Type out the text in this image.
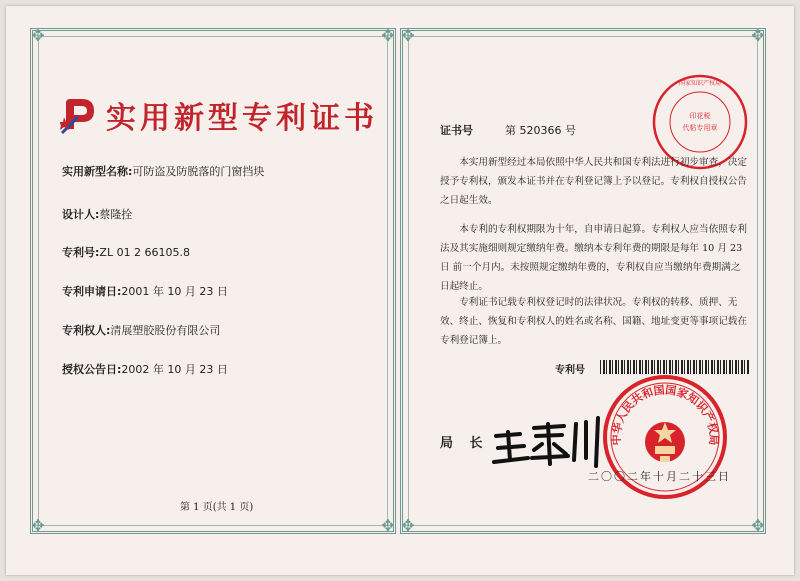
✥	✥
✥	✥
✥	✥
✥	✥
实用新型专利证书
实用新型名称:可防盗及防脱落的门窗挡块
设计人:蔡隆拴
专利号:ZL 01 2 66105.8
专利申请日:2001 年 10 月 23 日
专利权人:清展塑胶股份有限公司
授权公告日:2002 年 10 月 23 日
第 1 页(共 1 页)
印花税
代粘专用章
国家知识产权局
证书号	第 520366 号
本实用新型经过本局依照中华人民共和国专利法进行初步审查，决定授予专利权，颁发本证书并在专利登记簿上予以登记。专利权自授权公告之日起生效。
本专利的专利权期限为十年，自申请日起算。专利权人应当依照专利法及其实施细则规定缴纳年费。缴纳本专利年费的期限是每年 10 月 23 日 前一个月内。未按照规定缴纳年费的，专利权自应当缴纳年费期满之日起终止。
专利证书记载专利权登记时的法律状况。专利权的转移、质押、无效、终止、恢复和专利权人的姓名或名称、国籍、地址变更等事项记载在专利登记簿上。
专利号
局 长	中华人民共和国国家知识产权局
二〇〇二年十月二十三日
